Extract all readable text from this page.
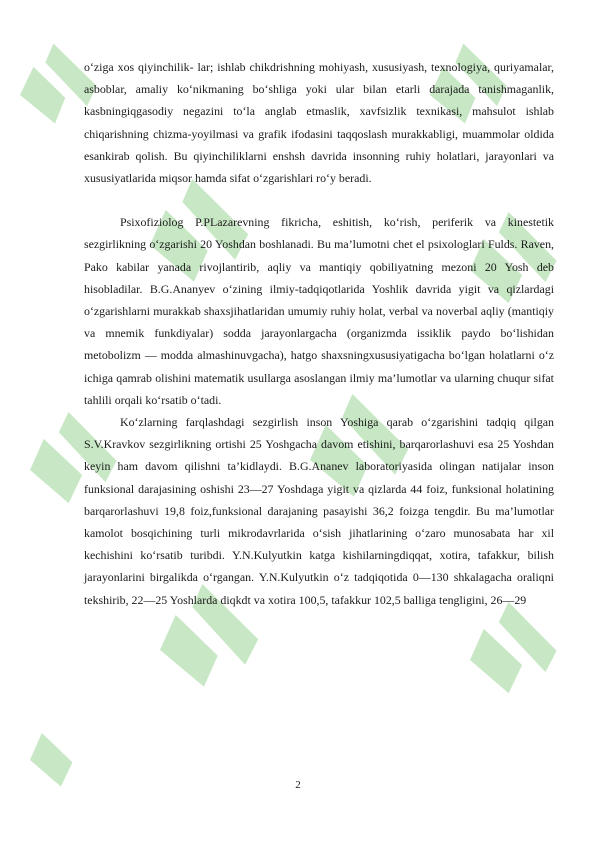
o‘ziga xos qiyinchilik- lar; ishlab chikdrishning mohiyash, xususiyash, texnologiya, quriyamalar, asboblar, amaliy ko‘nikmaning bo‘shliga yoki ular bilan etarli darajada tanishmaganlik, kasbningiqgasodiy negazini to‘la anglab etmaslik, xavfsizlik texnikasi, mahsulot ishlab chiqarishning chizma-yoyilmasi va grafik ifodasini taqqoslash murakkabligi, muammolar oldida esankirab qolish. Bu qiyinchiliklarni enshsh davrida insonning ruhiy holatlari, jarayonlari va xususiyatlarida miqsor hamda sifat o‘zgarishlari ro‘y beradi.

Psixofiziolog P.PLazarevning fikricha, eshitish, ko‘rish, periferik va kinestetik sezgirlikning o‘zgarishi 20 Yoshdan boshlanadi. Bu ma’lumotni chet el psixologlari Fulds. Raven, Pako kabilar yanada rivojlantirib, aqliy va mantiqiy qobiliyatning mezoni 20 Yosh deb hisobladilar. B.G.Ananyev o‘zining ilmiy-tadqiqotlarida Yoshlik davrida yigit va qizlardagi o‘zgarishlarni murakkab shaxsjihatlaridan umumiy ruhiy holat, verbal va noverbal aqliy (mantiqiy va mnemik funkdiyalar) sodda jarayonlargacha (organizmda issiklik paydo bo‘lishidan metobolizm — modda almashinuvgacha), hatgo shaxsningxususiyatigacha bo‘lgan holatlarni o‘z ichiga qamrab olishini matematik usullarga asoslangan ilmiy ma’lumotlar va ularning chuqur sifat tahlili orqali ko‘rsatib o‘tadi.

Ko‘zlarning farqlashdagi sezgirlish inson Yoshiga qarab o‘zgarishini tadqiq qilgan S.V.Kravkov sezgirlikning ortishi 25 Yoshgacha davom etishini, barqarorlashuvi esa 25 Yoshdan keyin ham davom qilishni ta’kidlaydi. B.G.Ananev laboratoriyasida olingan natijalar inson funksional darajasining oshishi 23—27 Yoshdaga yigit va qizlarda 44 foiz, funksional holatining barqarorlashuvi 19,8 foiz,funksional darajaning pasayishi 36,2 foizga tengdir. Bu ma’lumotlar kamolot bosqichining turli mikrodavrlarida o‘sish jihatlarining o‘zaro munosabata har xil kechishini ko‘rsatib turibdi. Y.N.Kulyutkin katga kishilarningdiqqat, xotira, tafakkur, bilish jarayonlarini birgalikda o‘rgangan. Y.N.Kulyutkin o‘z tadqiqotida 0—130 shkalagacha oraliqni tekshirib, 22—25 Yoshlarda diqkdt va xotira 100,5, tafakkur 102,5 balliga tengligini, 26—29

2
